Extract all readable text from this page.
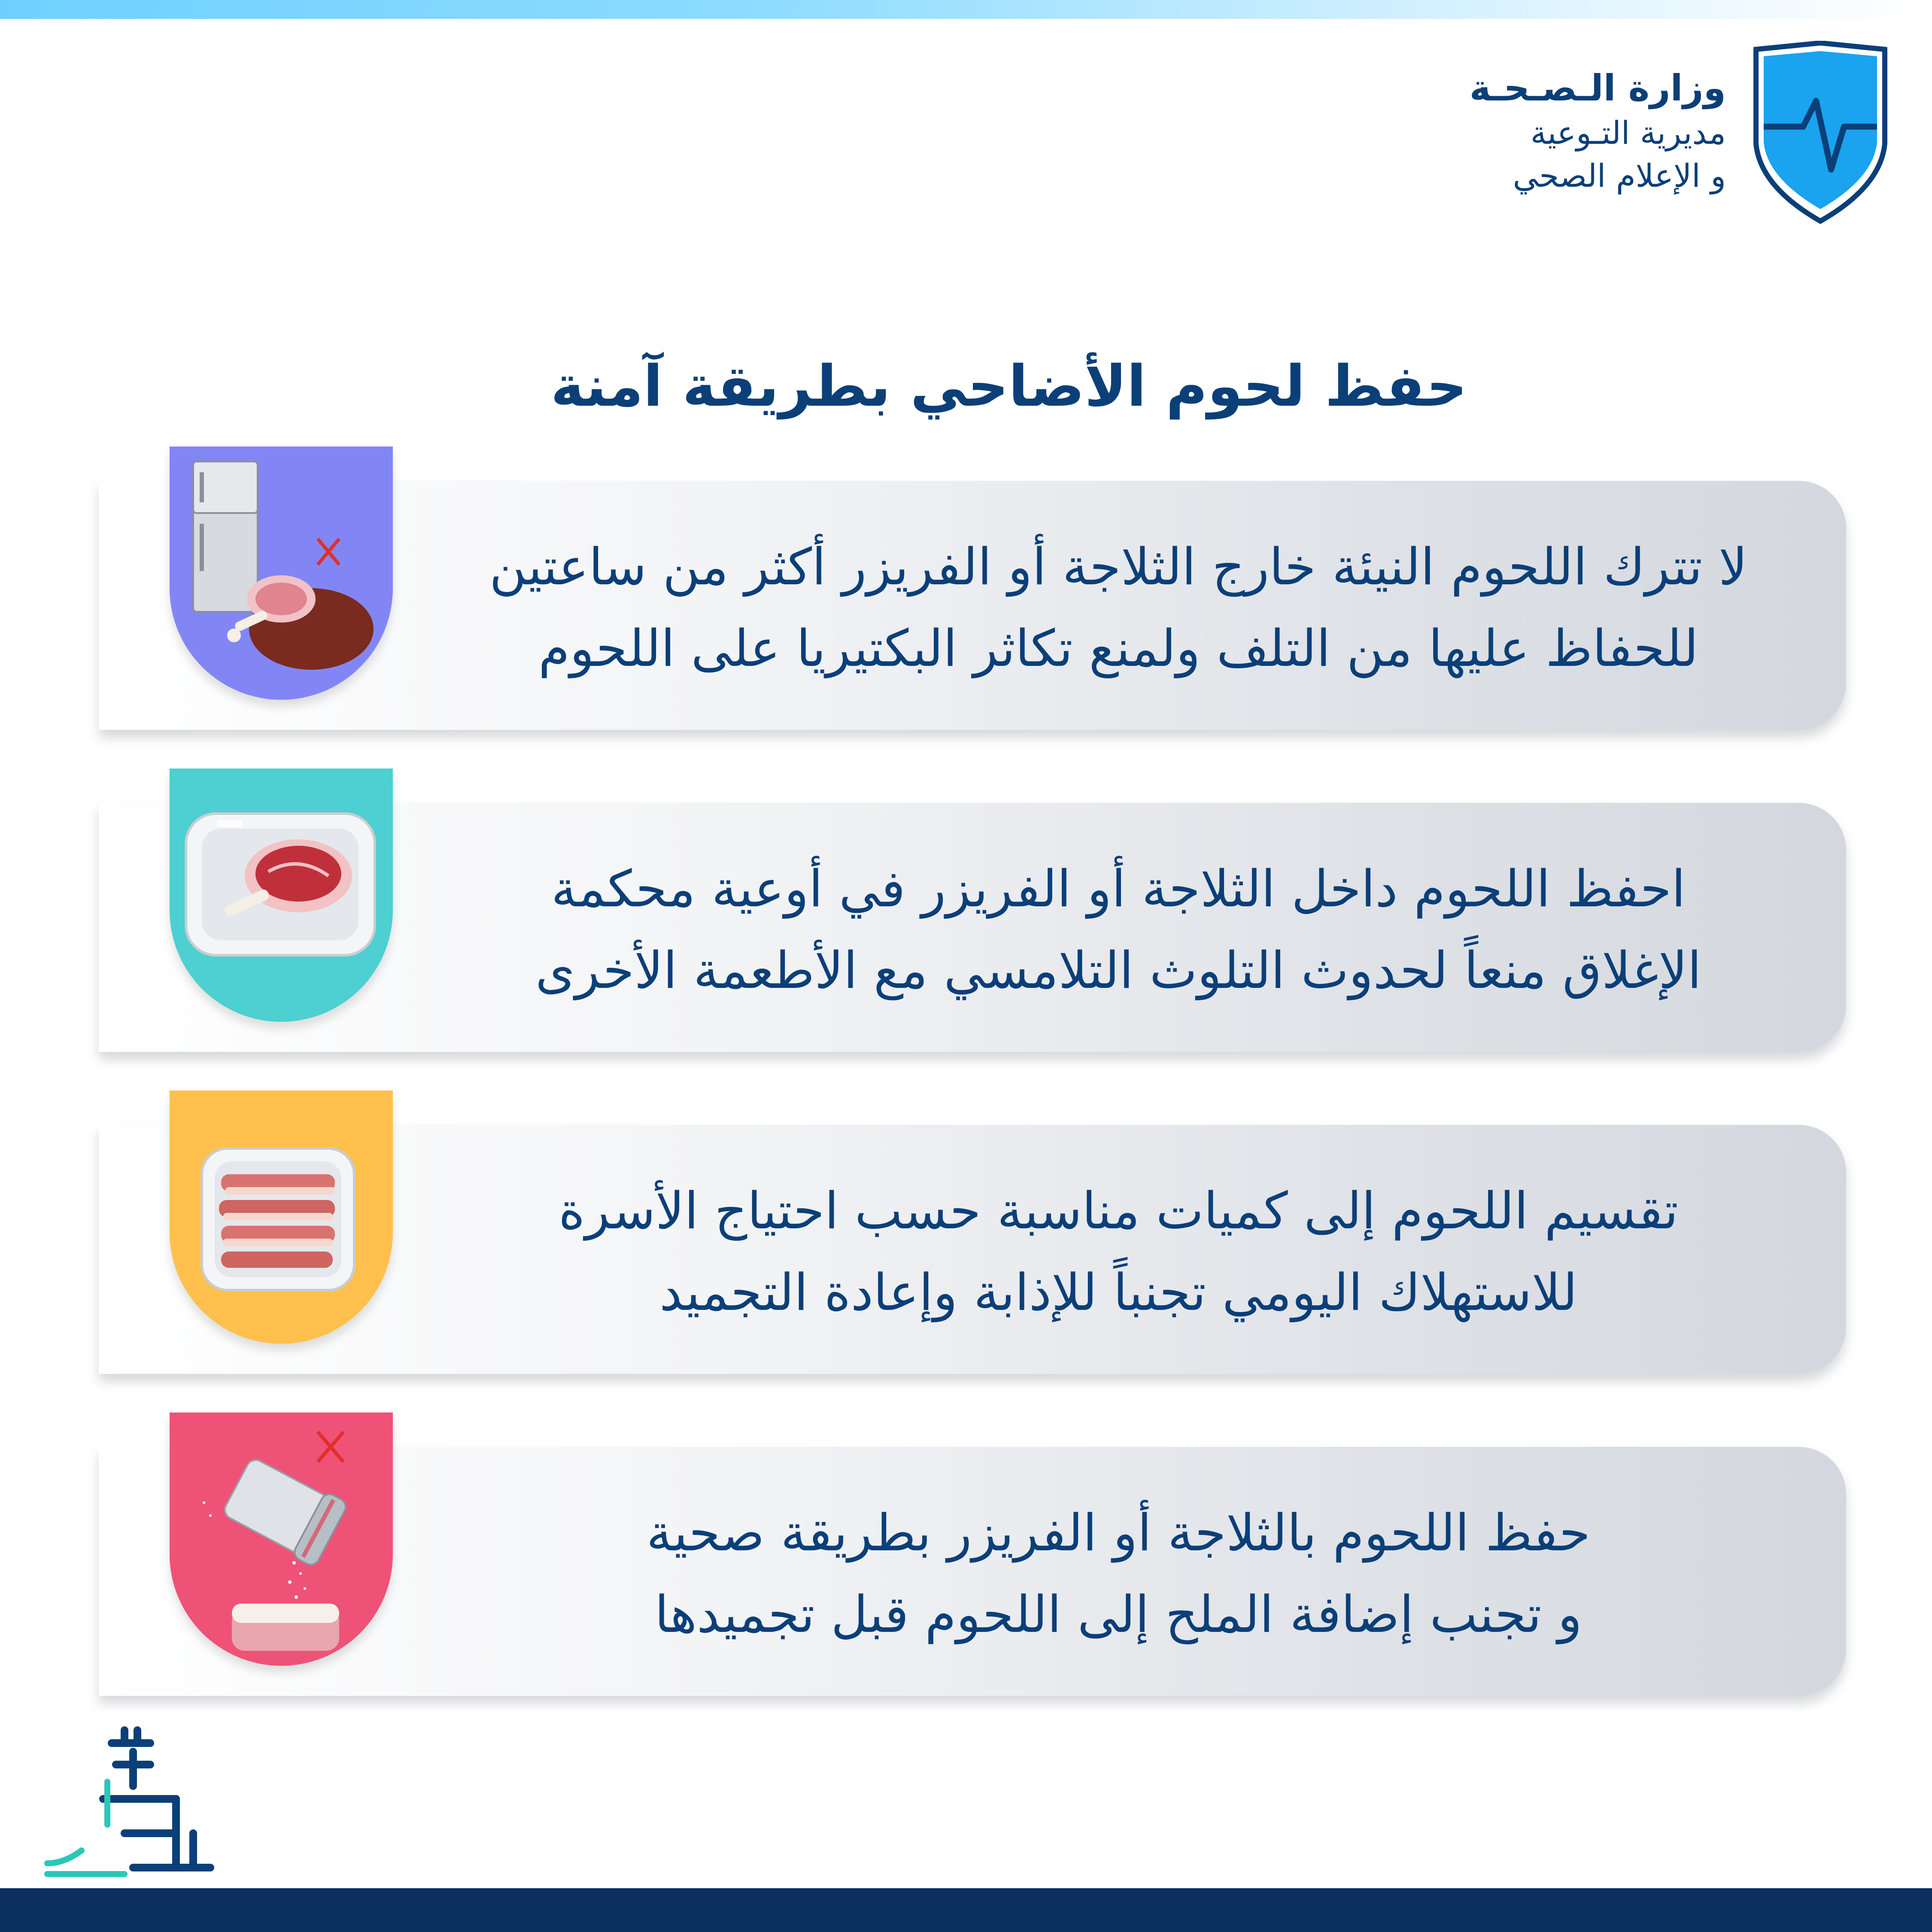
وزارة الـصـحـة
مديرية التـوعية
و الإعلام الصحي
حفظ لحوم الأضاحي بطريقة آمنة
لا تترك اللحوم النيئة خارج الثلاجة أو الفريزر أكثر من ساعتين
للحفاظ عليها من التلف ولمنع تكاثر البكتيريا على اللحوم
احفظ اللحوم داخل الثلاجة أو الفريزر في أوعية محكمة
الإغلاق منعاً لحدوث التلوث التلامسي مع الأطعمة الأخرى
تقسيم اللحوم إلى كميات مناسبة حسب احتياج الأسرة
للاستهلاك اليومي تجنباً للإذابة وإعادة التجميد
حفظ اللحوم بالثلاجة أو الفريزر بطريقة صحية
و تجنب إضافة الملح إلى اللحوم قبل تجميدها
